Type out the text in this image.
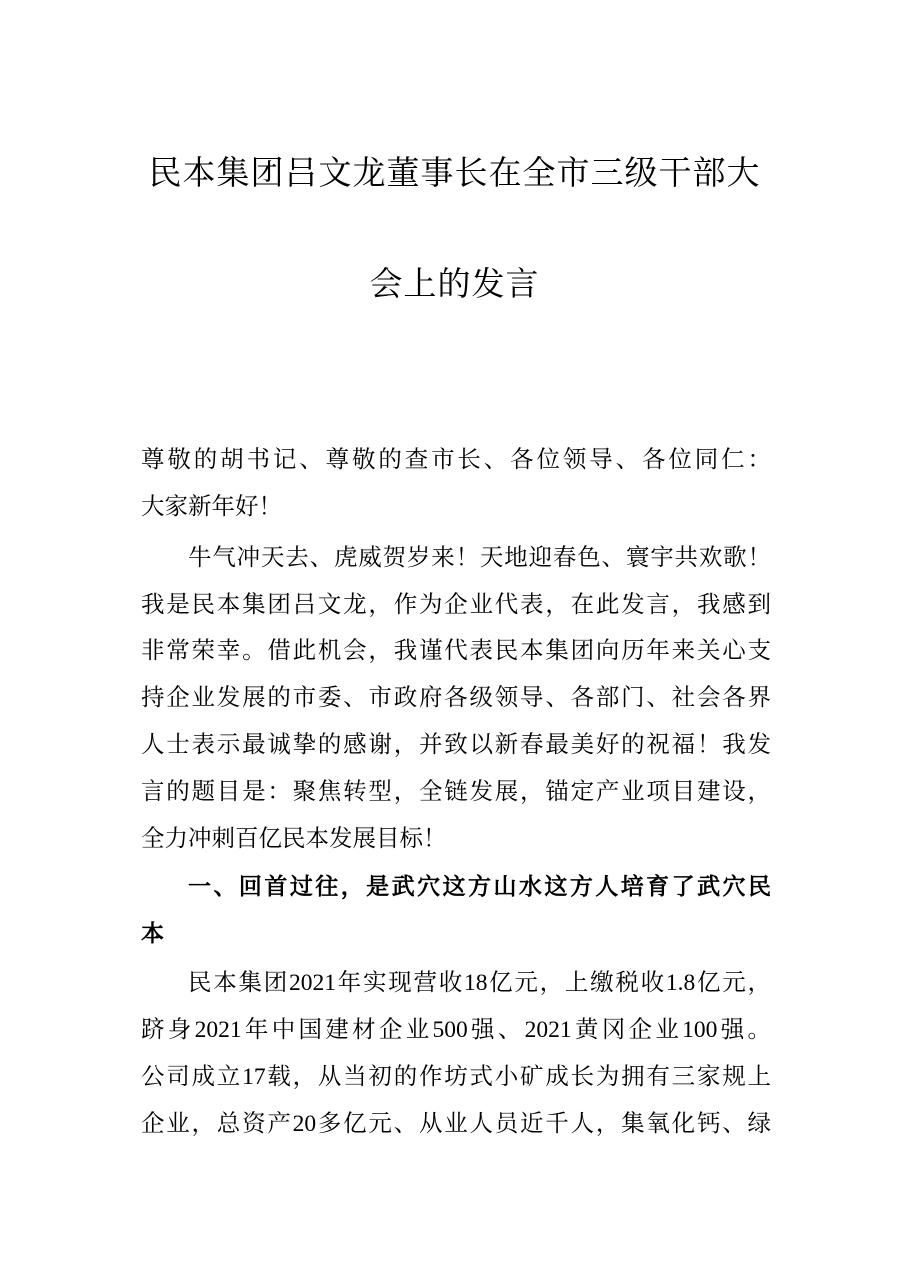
民本集团吕文龙董事长在全市三级干部大
会上的发言
尊敬的胡书记、尊敬的查市长、各位领导、各位同仁：
大家新年好！
牛气冲天去、虎威贺岁来！天地迎春色、寰宇共欢歌！
我是民本集团吕文龙，作为企业代表，在此发言，我感到
非常荣幸。借此机会，我谨代表民本集团向历年来关心支
持企业发展的市委、市政府各级领导、各部门、社会各界
人士表示最诚挚的感谢，并致以新春最美好的祝福！我发
言的题目是：聚焦转型，全链发展，锚定产业项目建设，
全力冲刺百亿民本发展目标！
一、回首过往，是武穴这方山水这方人培育了武穴民
本
民本集团2021年实现营收18亿元，上缴税收1.8亿元，
跻身2021年中国建材企业500强、2021黄冈企业100强。
公司成立17载，从当初的作坊式小矿成长为拥有三家规上
企业，总资产20多亿元、从业人员近千人，集氧化钙、绿
